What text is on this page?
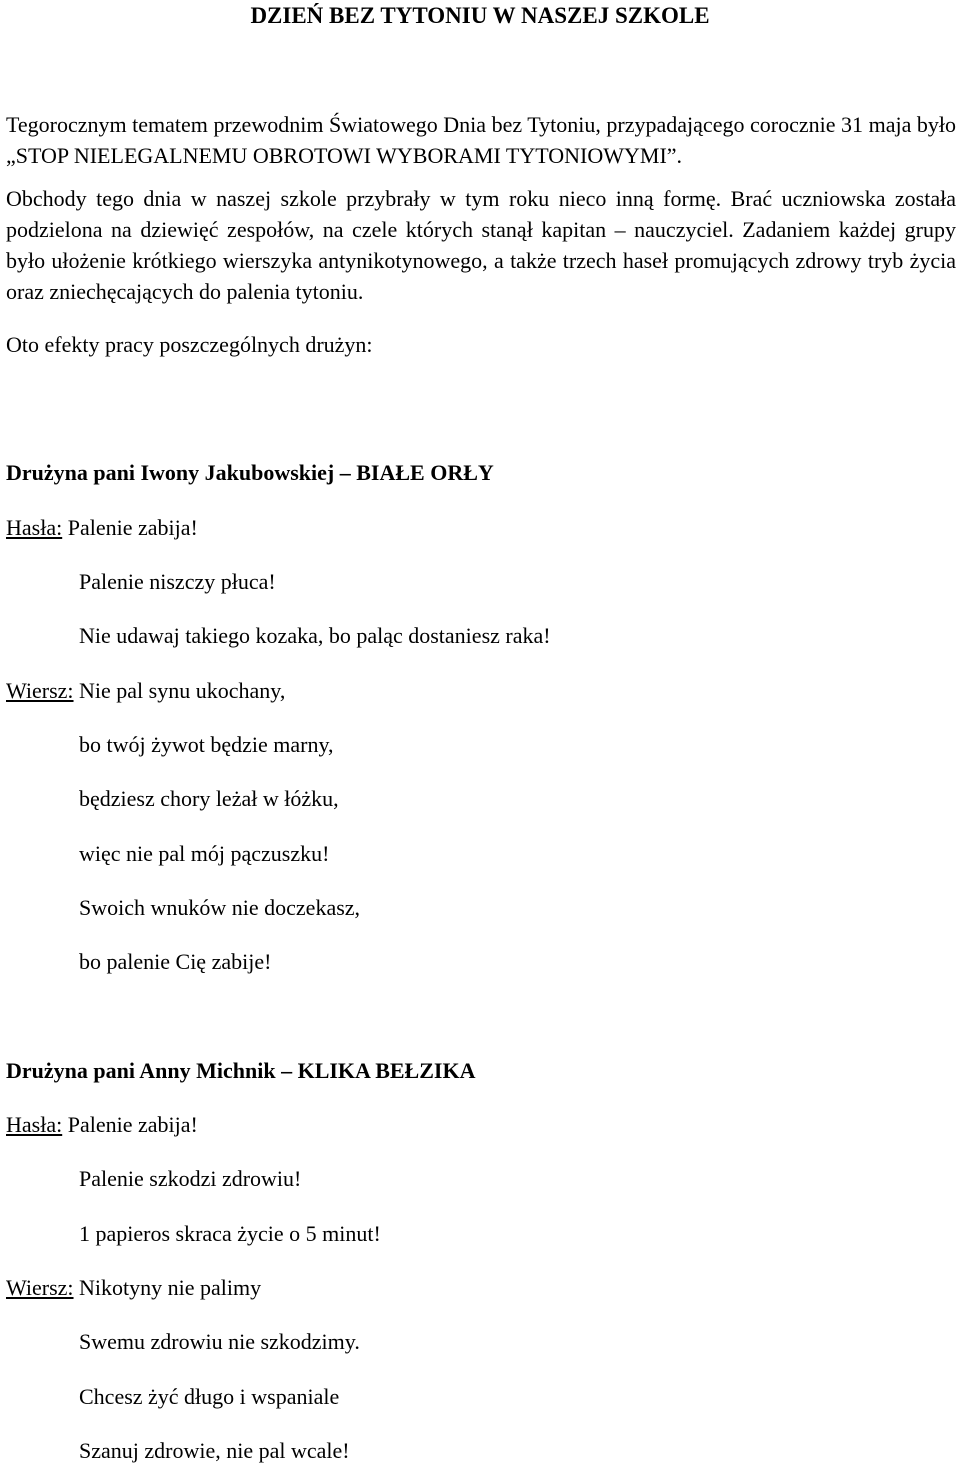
DZIEŃ BEZ TYTONIU W NASZEJ SZKOLE

Tegorocznym tematem przewodnim Światowego Dnia bez Tytoniu, przypadającego corocznie 31 maja było „STOP NIELEGALNEMU OBROTOWI WYBORAMI TYTONIOWYMI”.

Obchody tego dnia w naszej szkole przybrały w tym roku nieco inną formę. Brać uczniowska została podzielona na dziewięć zespołów, na czele których stanął kapitan – nauczyciel. Zadaniem każdej grupy było ułożenie krótkiego wierszyka antynikotynowego, a także trzech haseł promujących zdrowy tryb życia oraz zniechęcających do palenia tytoniu.

Oto efekty pracy poszczególnych drużyn:

Drużyna pani Iwony Jakubowskiej – BIAŁE ORŁY
Hasła: Palenie zabija!
Palenie niszczy płuca!
Nie udawaj takiego kozaka, bo paląc dostaniesz raka!
Wiersz: Nie pal synu ukochany,
bo twój żywot będzie marny,
będziesz chory leżał w łóżku,
więc nie pal mój pączuszku!
Swoich wnuków nie doczekasz,
bo palenie Cię zabije!
Drużyna pani Anny Michnik – KLIKA BEŁZIKA
Hasła: Palenie zabija!
Palenie szkodzi zdrowiu!
1 papieros skraca życie o 5 minut!
Wiersz: Nikotyny nie palimy
Swemu zdrowiu nie szkodzimy.
Chcesz żyć długo i wspaniale
Szanuj zdrowie, nie pal wcale!
